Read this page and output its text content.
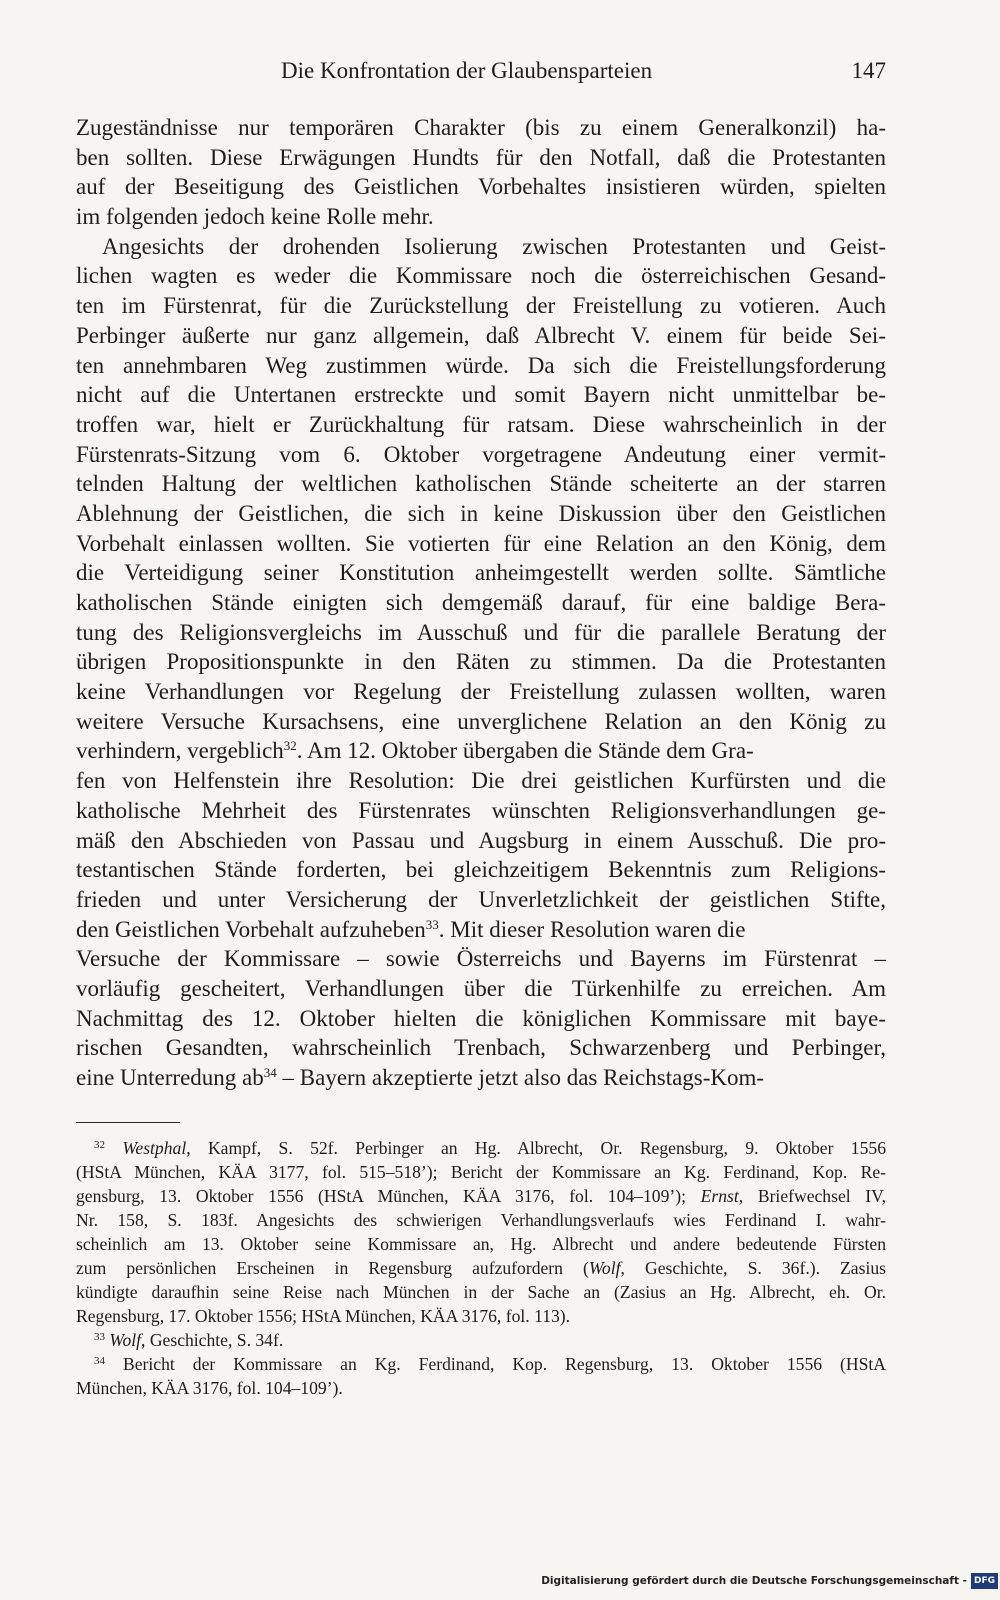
Die Konfrontation der Glaubensparteien	147
Zugeständnisse nur temporären Charakter (bis zu einem Generalkonzil) ha-
ben sollten. Diese Erwägungen Hundts für den Notfall, daß die Protestanten
auf der Beseitigung des Geistlichen Vorbehaltes insistieren würden, spielten
im folgenden jedoch keine Rolle mehr.
Angesichts der drohenden Isolierung zwischen Protestanten und Geist-
lichen wagten es weder die Kommissare noch die österreichischen Gesand-
ten im Fürstenrat, für die Zurückstellung der Freistellung zu votieren. Auch
Perbinger äußerte nur ganz allgemein, daß Albrecht V. einem für beide Sei-
ten annehmbaren Weg zustimmen würde. Da sich die Freistellungsforderung
nicht auf die Untertanen erstreckte und somit Bayern nicht unmittelbar be-
troffen war, hielt er Zurückhaltung für ratsam. Diese wahrscheinlich in der
Fürstenrats-Sitzung vom 6. Oktober vorgetragene Andeutung einer vermit-
telnden Haltung der weltlichen katholischen Stände scheiterte an der starren
Ablehnung der Geistlichen, die sich in keine Diskussion über den Geistlichen
Vorbehalt einlassen wollten. Sie votierten für eine Relation an den König, dem
die Verteidigung seiner Konstitution anheimgestellt werden sollte. Sämtliche
katholischen Stände einigten sich demgemäß darauf, für eine baldige Bera-
tung des Religionsvergleichs im Ausschuß und für die parallele Beratung der
übrigen Propositionspunkte in den Räten zu stimmen. Da die Protestanten
keine Verhandlungen vor Regelung der Freistellung zulassen wollten, waren
weitere Versuche Kursachsens, eine unverglichene Relation an den König zu
verhindern, vergeblich$^{32}$. Am 12. Oktober übergaben die Stände dem Gra-
fen von Helfenstein ihre Resolution: Die drei geistlichen Kurfürsten und die
katholische Mehrheit des Fürstenrates wünschten Religionsverhandlungen ge-
mäß den Abschieden von Passau und Augsburg in einem Ausschuß. Die pro-
testantischen Stände forderten, bei gleichzeitigem Bekenntnis zum Religions-
frieden und unter Versicherung der Unverletzlichkeit der geistlichen Stifte,
den Geistlichen Vorbehalt aufzuheben$^{33}$. Mit dieser Resolution waren die
Versuche der Kommissare – sowie Österreichs und Bayerns im Fürstenrat –
vorläufig gescheitert, Verhandlungen über die Türkenhilfe zu erreichen. Am
Nachmittag des 12. Oktober hielten die königlichen Kommissare mit baye-
rischen Gesandten, wahrscheinlich Trenbach, Schwarzenberg und Perbinger,
eine Unterredung ab$^{34}$ – Bayern akzeptierte jetzt also das Reichstags-Kom-
$^{32}$ Westphal, Kampf, S. 52f. Perbinger an Hg. Albrecht, Or. Regensburg, 9. Oktober 1556
(HStA München, KÄA 3177, fol. 515–518’); Bericht der Kommissare an Kg. Ferdinand, Kop. Re-
gensburg, 13. Oktober 1556 (HStA München, KÄA 3176, fol. 104–109’); Ernst, Briefwechsel IV,
Nr. 158, S. 183f. Angesichts des schwierigen Verhandlungsverlaufs wies Ferdinand I. wahr-
scheinlich am 13. Oktober seine Kommissare an, Hg. Albrecht und andere bedeutende Fürsten
zum persönlichen Erscheinen in Regensburg aufzufordern (Wolf, Geschichte, S. 36f.). Zasius
kündigte daraufhin seine Reise nach München in der Sache an (Zasius an Hg. Albrecht, eh. Or.
Regensburg, 17. Oktober 1556; HStA München, KÄA 3176, fol. 113).
$^{33}$ Wolf, Geschichte, S. 34f.
$^{34}$ Bericht der Kommissare an Kg. Ferdinand, Kop. Regensburg, 13. Oktober 1556 (HStA
München, KÄA 3176, fol. 104–109’).
Digitalisierung gefördert durch die Deutsche Forschungsgemeinschaft - DFG
